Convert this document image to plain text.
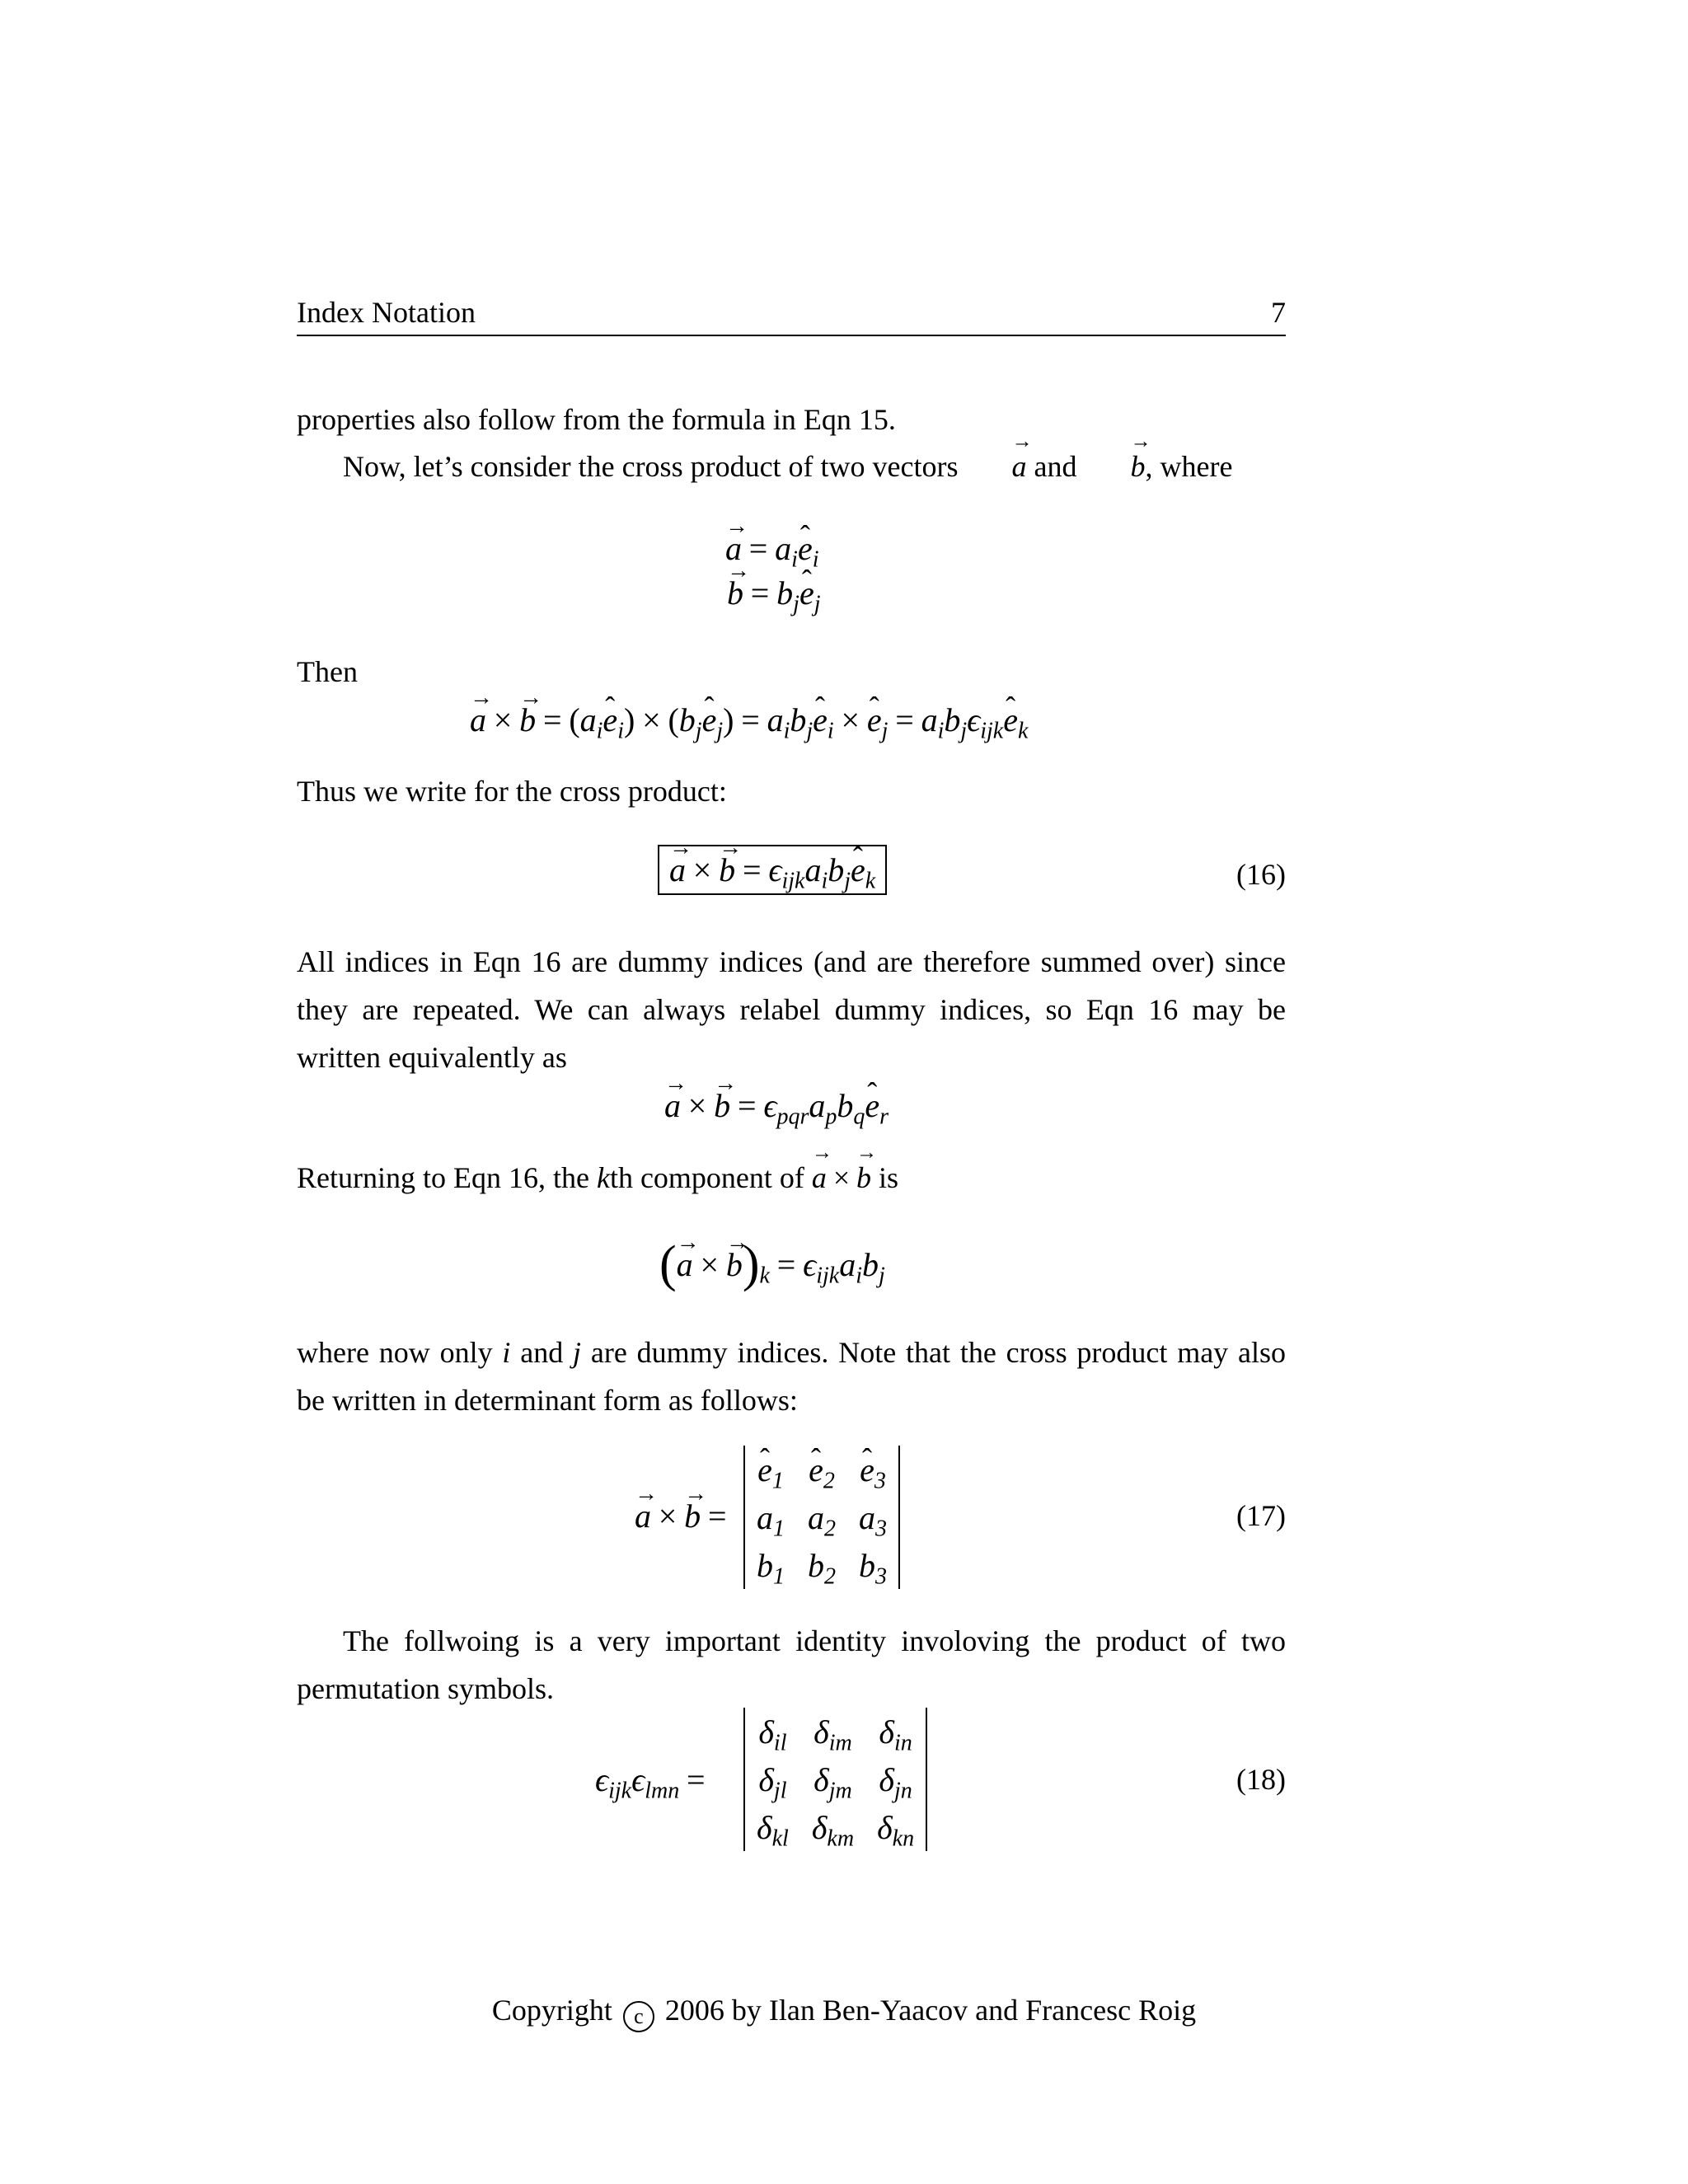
Index Notation	7

properties also follow from the formula in Eqn 15.

Now, let’s consider the cross product of two vectors a → and b →, where

a → = $a_ie$ ˆ$_i$
b → = $b_je$ ˆ$_j$

Then

a → × b → = ($a_ie$ ˆ$_i$) × ($b_je$ ˆ$_j$) = $a_ib_je$ ˆ$_i$ × e ˆ$_j$ = $a_ib_j\epsilon_{ijk}e$ ˆ$_k$

Thus we write for the cross product:

a → × b → = $\epsilon_{ijk}a_ib_je$ ˆ$_k$	(16)

All indices in Eqn 16 are dummy indices (and are therefore summed over) since they are repeated. We can always relabel dummy indices, so Eqn 16 may be written equivalently as

a → × b → = $\epsilon_{pqr}a_pb_qe$ ˆ$_r$

Returning to Eqn 16, the kth component of a → × b → is

(a → × $b \to)_k = \epsilon_{ijk}a_ib_j$

where now only i and j are dummy indices. Note that the cross product may also be written in determinant form as follows:

a → × b → =
e ˆ$_1$	e ˆ$_2$	e ˆ$_3$
$a_1$	$a_2$	$a_3$
$b_1$	$b_2$	$b_3$
(17)

The follwoing is a very important identity involoving the product of two permutation symbols.

$\epsilon_{ijk}\epsilon_{lmn}$ =
$\delta_{il}$	$\delta_{im}$	$\delta_{in}$
$\delta_{jl}$	$\delta_{jm}$	$\delta_{jn}$
$\delta_{kl}$	$\delta_{km}$	$\delta_{kn}$
(18)
Copyright c 2006 by Ilan Ben-Yaacov and Francesc Roig
